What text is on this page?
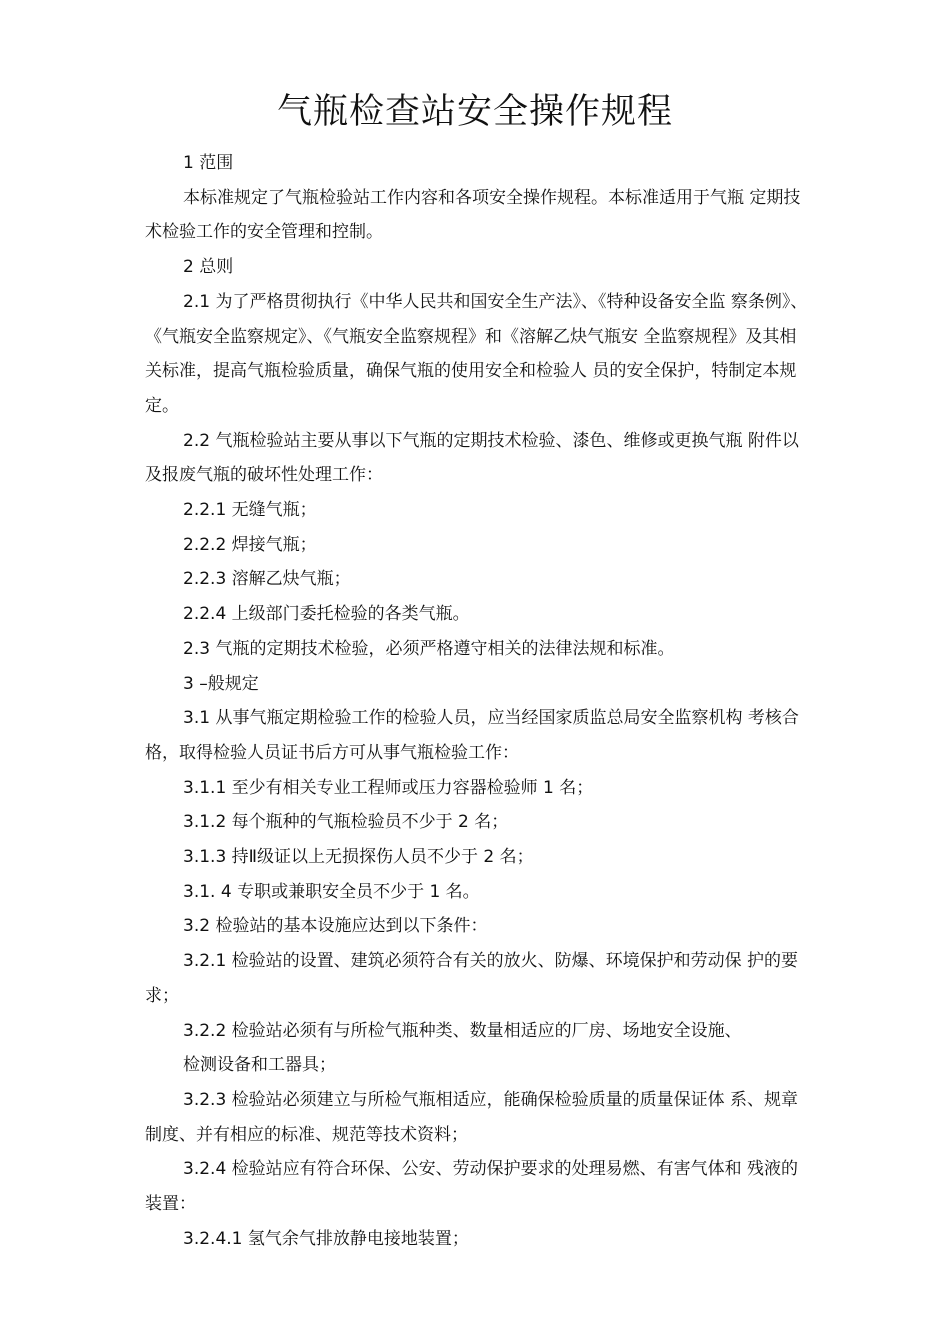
气瓶检查站安全操作规程

1 范围

本标准规定了气瓶检验站工作内容和各项安全操作规程。本标准适用于气瓶 定期技术检验工作的安全管理和控制。

2 总则

2.1 为了严格贯彻执行《中华人民共和国安全生产法》、《特种设备安全监 察条例》、《气瓶安全监察规定》、《气瓶安全监察规程》和《溶解乙炔气瓶安 全监察规程》及其相关标准，提高气瓶检验质量，确保气瓶的使用安全和检验人 员的安全保护，特制定本规定。

2.2 气瓶检验站主要从事以下气瓶的定期技术检验、漆色、维修或更换气瓶 附件以及报废气瓶的破坏性处理工作：

2.2.1 无缝气瓶；

2.2.2 焊接气瓶；

2.2.3 溶解乙炔气瓶；

2.2.4 上级部门委托检验的各类气瓶。

2.3 气瓶的定期技术检验，必须严格遵守相关的法律法规和标准。

3 –般规定

3.1 从事气瓶定期检验工作的检验人员，应当经国家质监总局安全监察机构 考核合格，取得检验人员证书后方可从事气瓶检验工作：

3.1.1 至少有相关专业工程师或压力容器检验师 1 名；

3.1.2 每个瓶种的气瓶检验员不少于 2 名；

3.1.3 持Ⅱ级证以上无损探伤人员不少于 2 名；

3.1. 4 专职或兼职安全员不少于 1 名。

3.2 检验站的基本设施应达到以下条件：

3.2.1 检验站的设置、建筑必须符合有关的放火、防爆、环境保护和劳动保 护的要求；

3.2.2 检验站必须有与所检气瓶种类、数量相适应的厂房、场地安全设施、

检测设备和工器具；

3.2.3 检验站必须建立与所检气瓶相适应，能确保检验质量的质量保证体 系、规章制度、并有相应的标准、规范等技术资料；

3.2.4 检验站应有符合环保、公安、劳动保护要求的处理易燃、有害气体和 残液的装置：

3.2.4.1 氢气余气排放静电接地装置；
